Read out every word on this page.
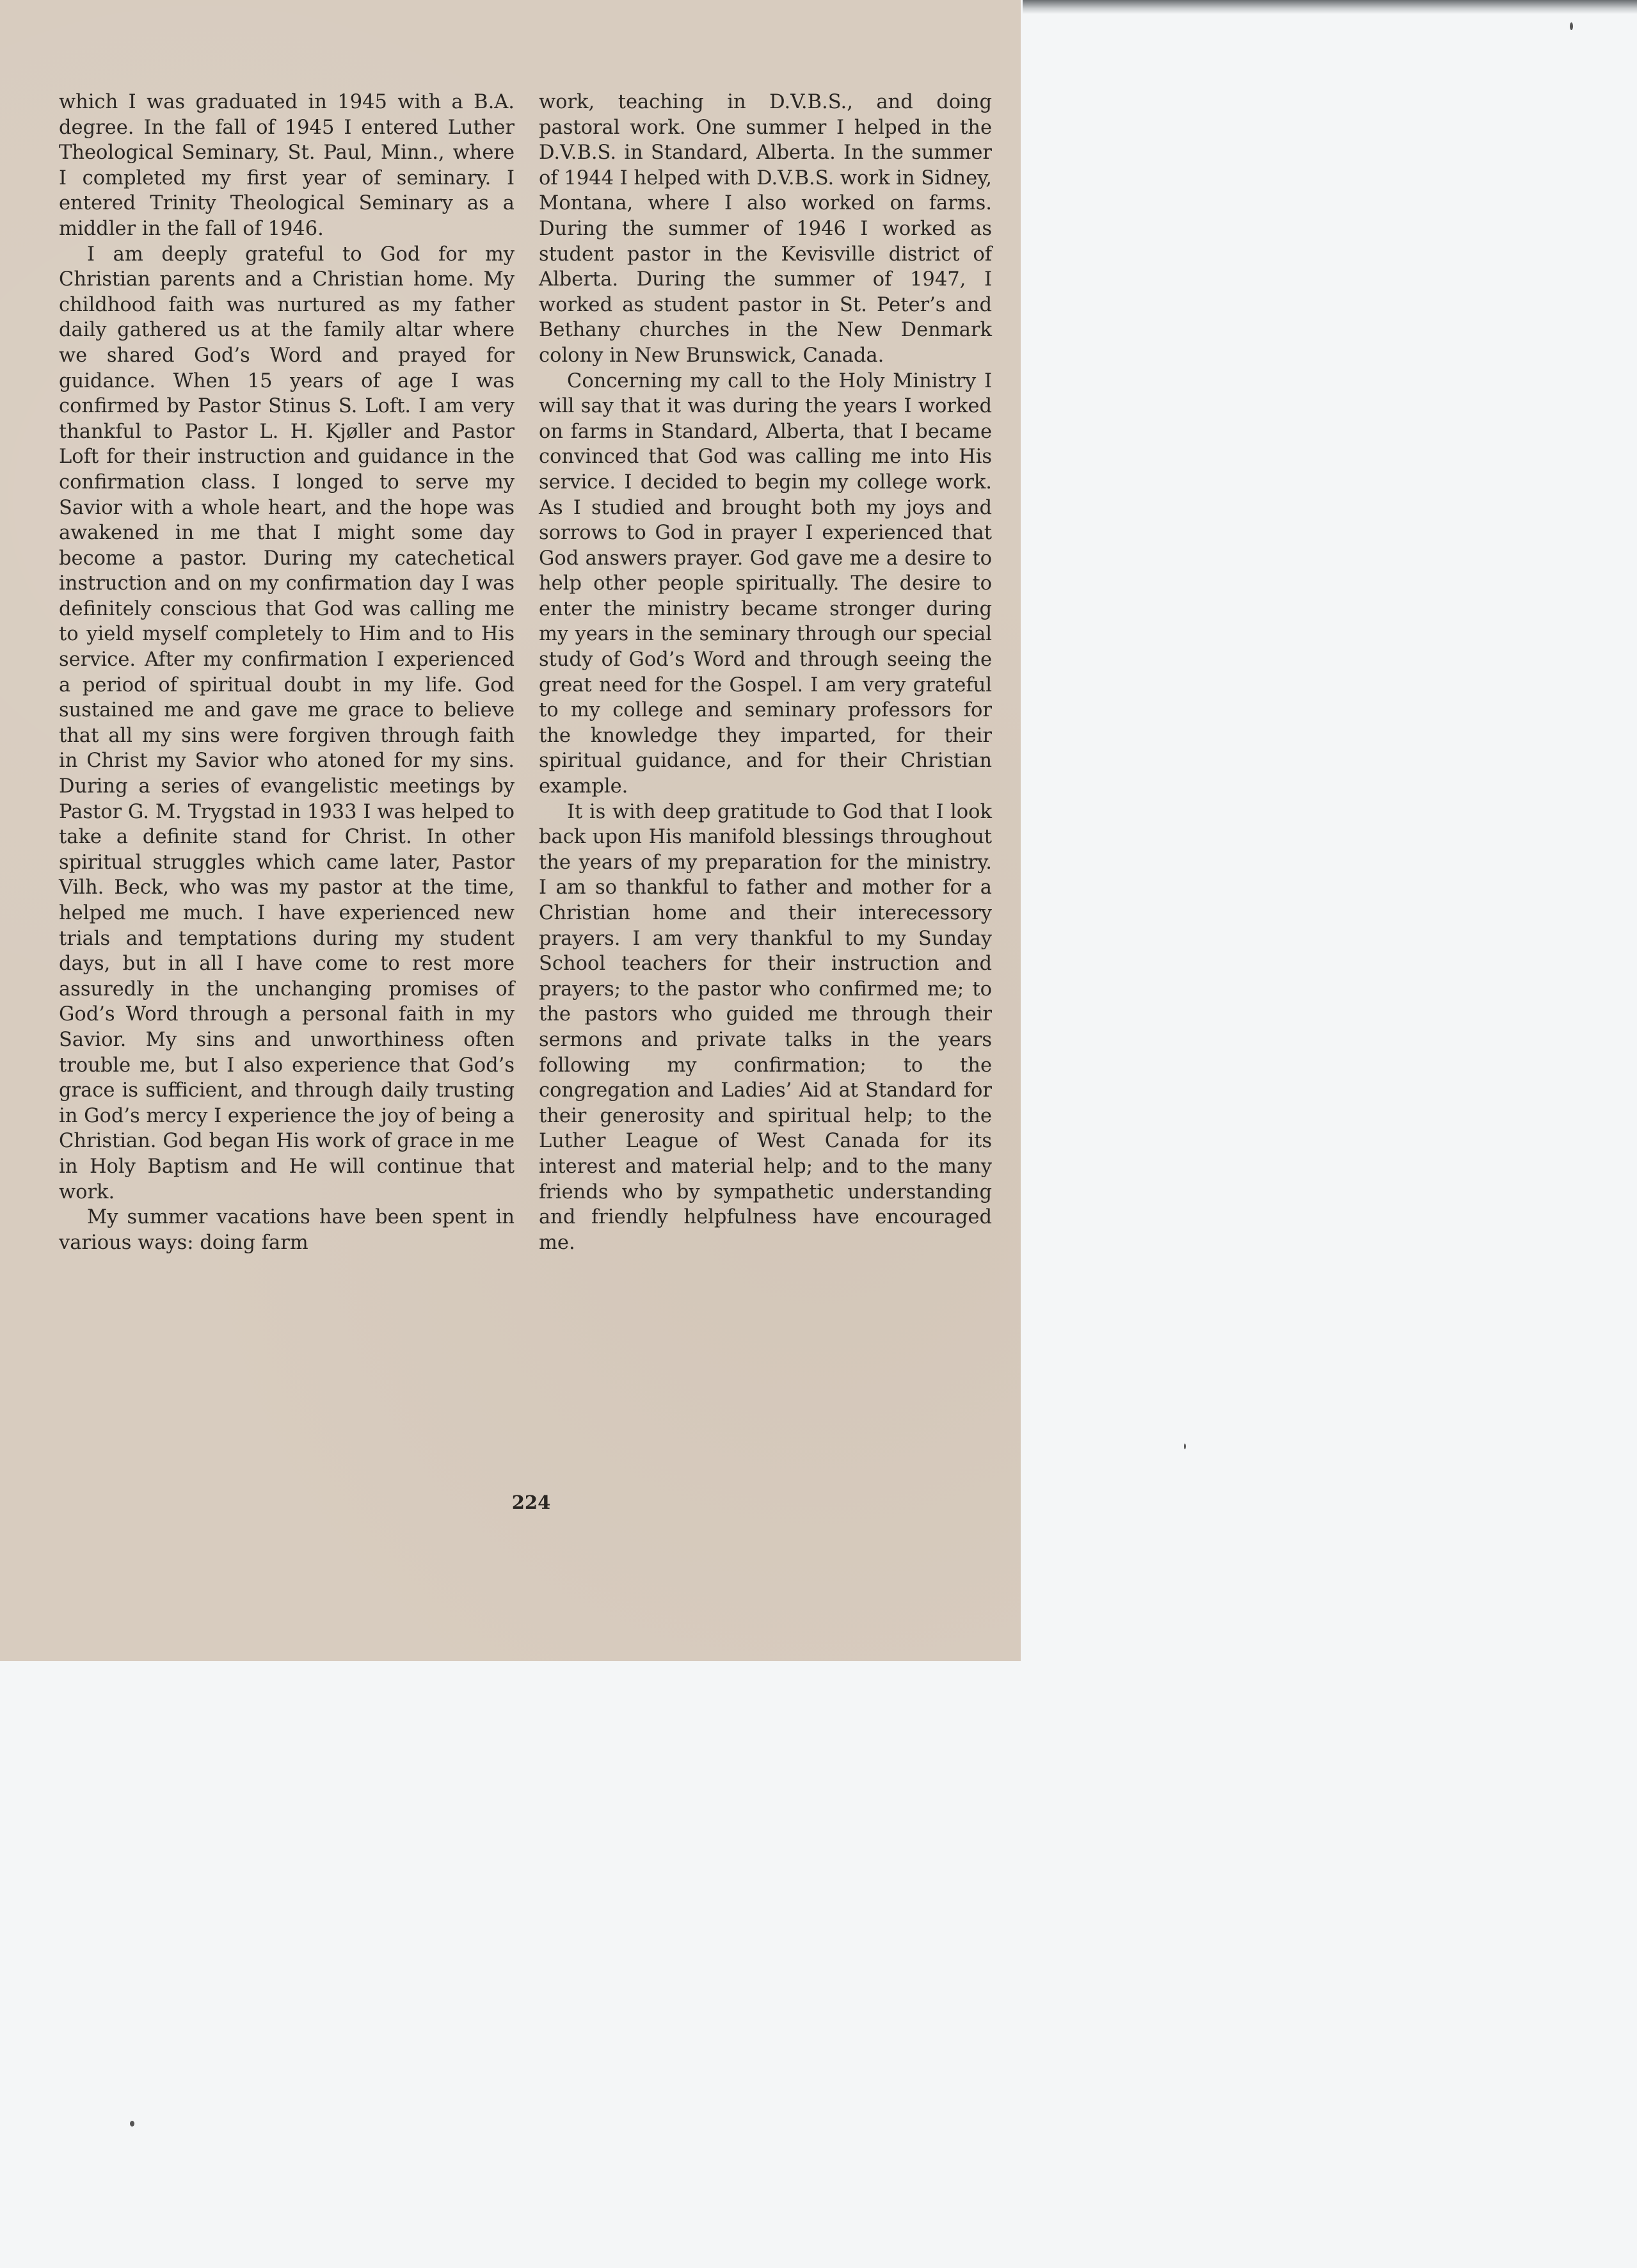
which I was graduated in 1945 with a B.A. degree. In the fall of 1945 I entered Luther Theological Seminary, St. Paul, Minn., where I completed my first year of seminary. I entered Trinity Theological Seminary as a middler in the fall of 1946.

I am deeply grateful to God for my Christian parents and a Christian home. My childhood faith was nurtured as my father daily gathered us at the family altar where we shared God’s Word and prayed for guidance. When 15 years of age I was confirmed by Pastor Stinus S. Loft. I am very thankful to Pastor L. H. Kjøller and Pastor Loft for their instruction and guidance in the confirmation class. I longed to serve my Savior with a whole heart, and the hope was awakened in me that I might some day become a pastor. During my catechetical instruction and on my confirmation day I was definitely conscious that God was calling me to yield myself completely to Him and to His service. After my confirmation I experienced a period of spiritual doubt in my life. God sustained me and gave me grace to believe that all my sins were forgiven through faith in Christ my Savior who atoned for my sins. During a series of evangelistic meetings by Pastor G. M. Trygstad in 1933 I was helped to take a definite stand for Christ. In other spiritual struggles which came later, Pastor Vilh. Beck, who was my pastor at the time, helped me much. I have experienced new trials and temptations during my student days, but in all I have come to rest more assuredly in the unchanging promises of God’s Word through a personal faith in my Savior. My sins and unworthiness often trouble me, but I also experience that God’s grace is sufficient, and through daily trusting in God’s mercy I experience the joy of being a Christian. God began His work of grace in me in Holy Baptism and He will continue that work.

My summer vacations have been spent in various ways: doing farm

work, teaching in D.V.B.S., and doing pastoral work. One summer I helped in the D.V.B.S. in Standard, Alberta. In the summer of 1944 I helped with D.V.B.S. work in Sidney, Montana, where I also worked on farms. During the summer of 1946 I worked as student pastor in the Kevisville district of Alberta. During the summer of 1947, I worked as student pastor in St. Peter’s and Bethany churches in the New Denmark colony in New Brunswick, Canada.

Concerning my call to the Holy Ministry I will say that it was during the years I worked on farms in Standard, Alberta, that I became convinced that God was calling me into His service. I decided to begin my college work. As I studied and brought both my joys and sorrows to God in prayer I experienced that God answers prayer. God gave me a desire to help other people spiritually. The desire to enter the ministry became stronger during my years in the seminary through our special study of God’s Word and through seeing the great need for the Gospel. I am very grateful to my college and seminary professors for the knowledge they imparted, for their spiritual guidance, and for their Christian example.

It is with deep gratitude to God that I look back upon His manifold blessings throughout the years of my preparation for the ministry. I am so thankful to father and mother for a Christian home and their interecessory prayers. I am very thankful to my Sunday School teachers for their instruction and prayers; to the pastor who confirmed me; to the pastors who guided me through their sermons and private talks in the years following my confirmation; to the congregation and Ladies’ Aid at Standard for their generosity and spiritual help; to the Luther League of West Canada for its interest and material help; and to the many friends who by sympathetic understanding and friendly helpfulness have encouraged me.

224
